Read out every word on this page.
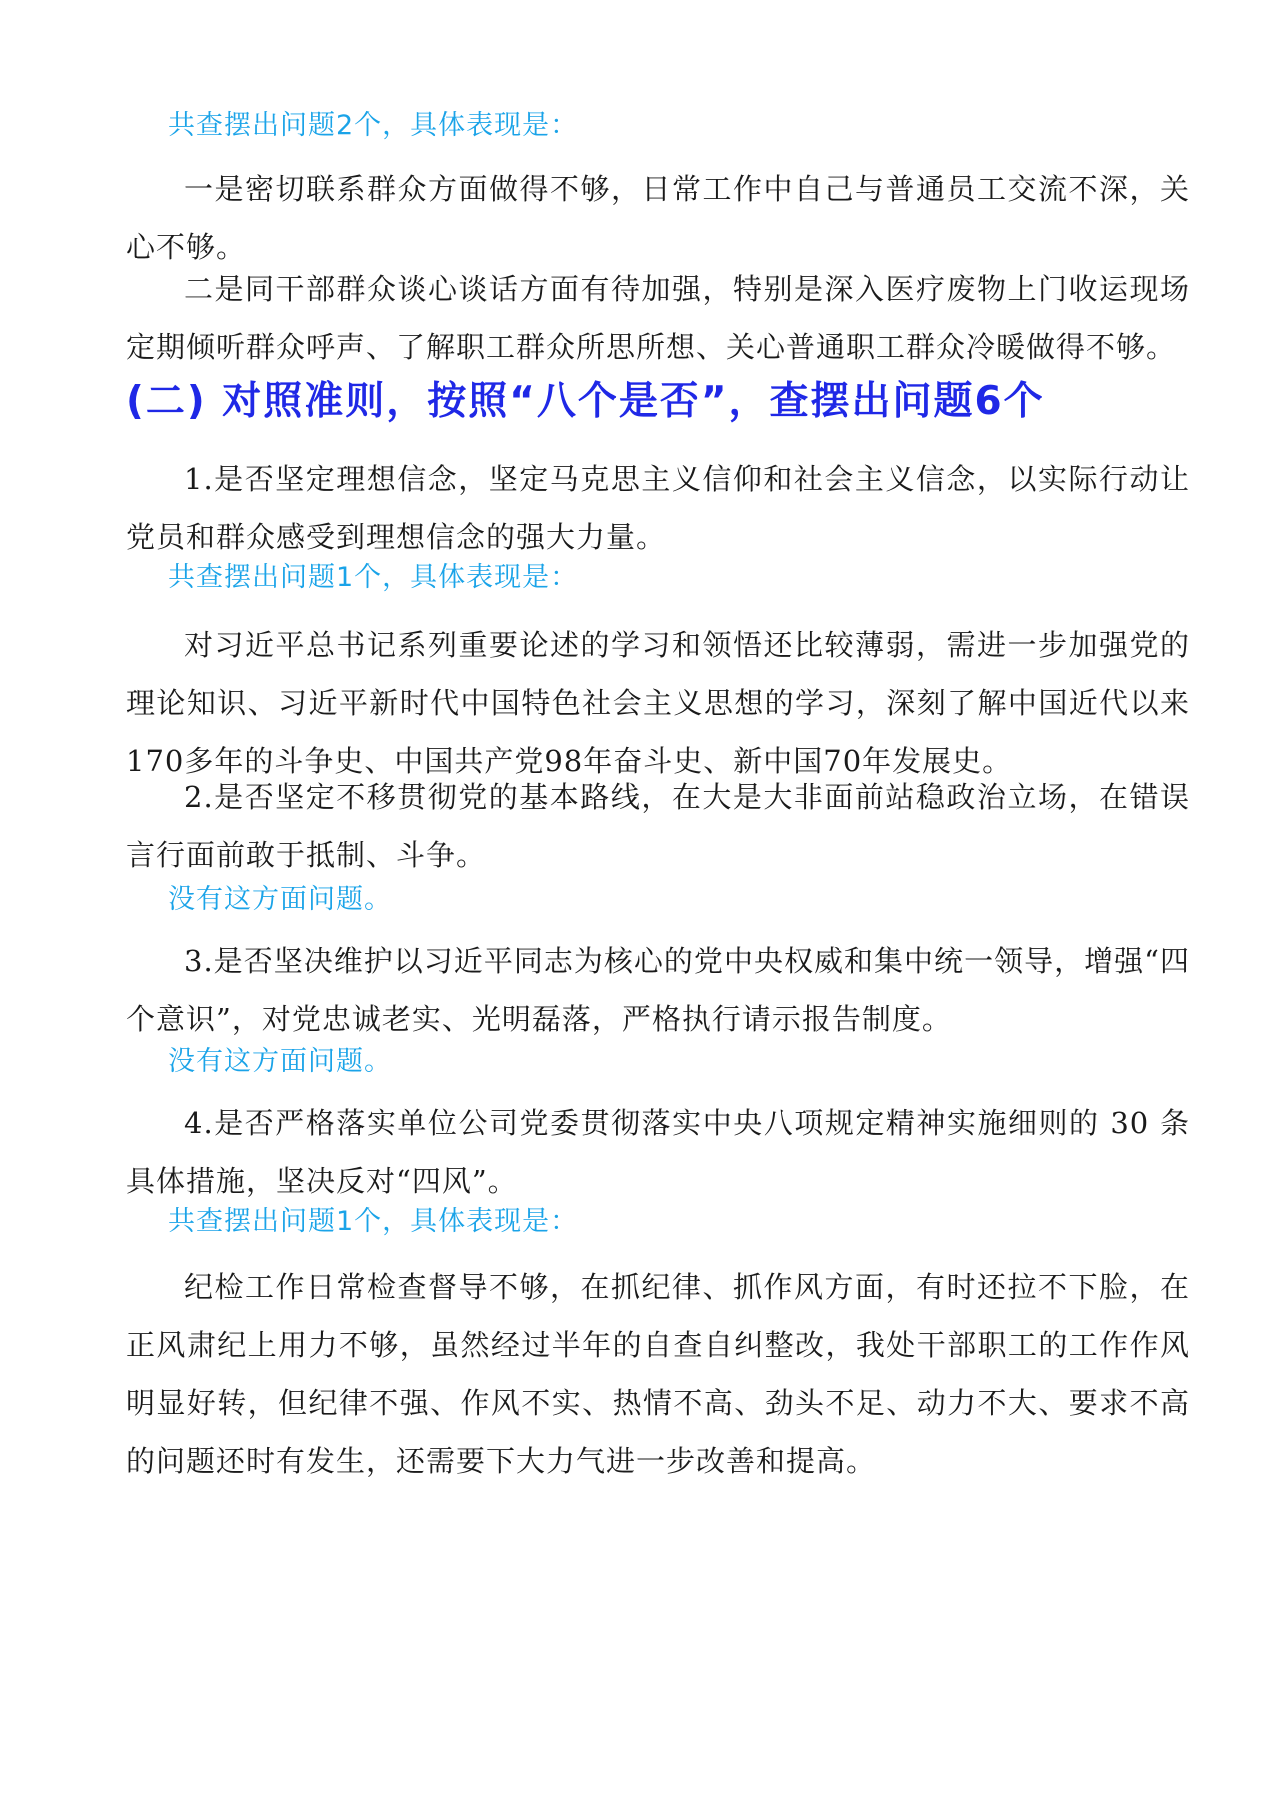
共查摆出问题2个，具体表现是：

一是密切联系群众方面做得不够，日常工作中自己与普通员工交流不深，关心不够。

二是同干部群众谈心谈话方面有待加强，特别是深入医疗废物上门收运现场定期倾听群众呼声、了解职工群众所思所想、关心普通职工群众冷暖做得不够。

(二) 对照准则，按照“八个是否”，查摆出问题6个

1.是否坚定理想信念，坚定马克思主义信仰和社会主义信念，以实际行动让党员和群众感受到理想信念的强大力量。

共查摆出问题1个，具体表现是：

对习近平总书记系列重要论述的学习和领悟还比较薄弱，需进一步加强党的理论知识、习近平新时代中国特色社会主义思想的学习，深刻了解中国近代以来170多年的斗争史、中国共产党98年奋斗史、新中国70年发展史。

2.是否坚定不移贯彻党的基本路线，在大是大非面前站稳政治立场，在错误言行面前敢于抵制、斗争。

没有这方面问题。

3.是否坚决维护以习近平同志为核心的党中央权威和集中统一领导，增强“四个意识”，对党忠诚老实、光明磊落，严格执行请示报告制度。

没有这方面问题。

4.是否严格落实单位公司党委贯彻落实中央八项规定精神实施细则的 30 条具体措施，坚决反对“四风”。

共查摆出问题1个，具体表现是：

纪检工作日常检查督导不够，在抓纪律、抓作风方面，有时还拉不下脸，在正风肃纪上用力不够，虽然经过半年的自查自纠整改，我处干部职工的工作作风明显好转，但纪律不强、作风不实、热情不高、劲头不足、动力不大、要求不高的问题还时有发生，还需要下大力气进一步改善和提高。
